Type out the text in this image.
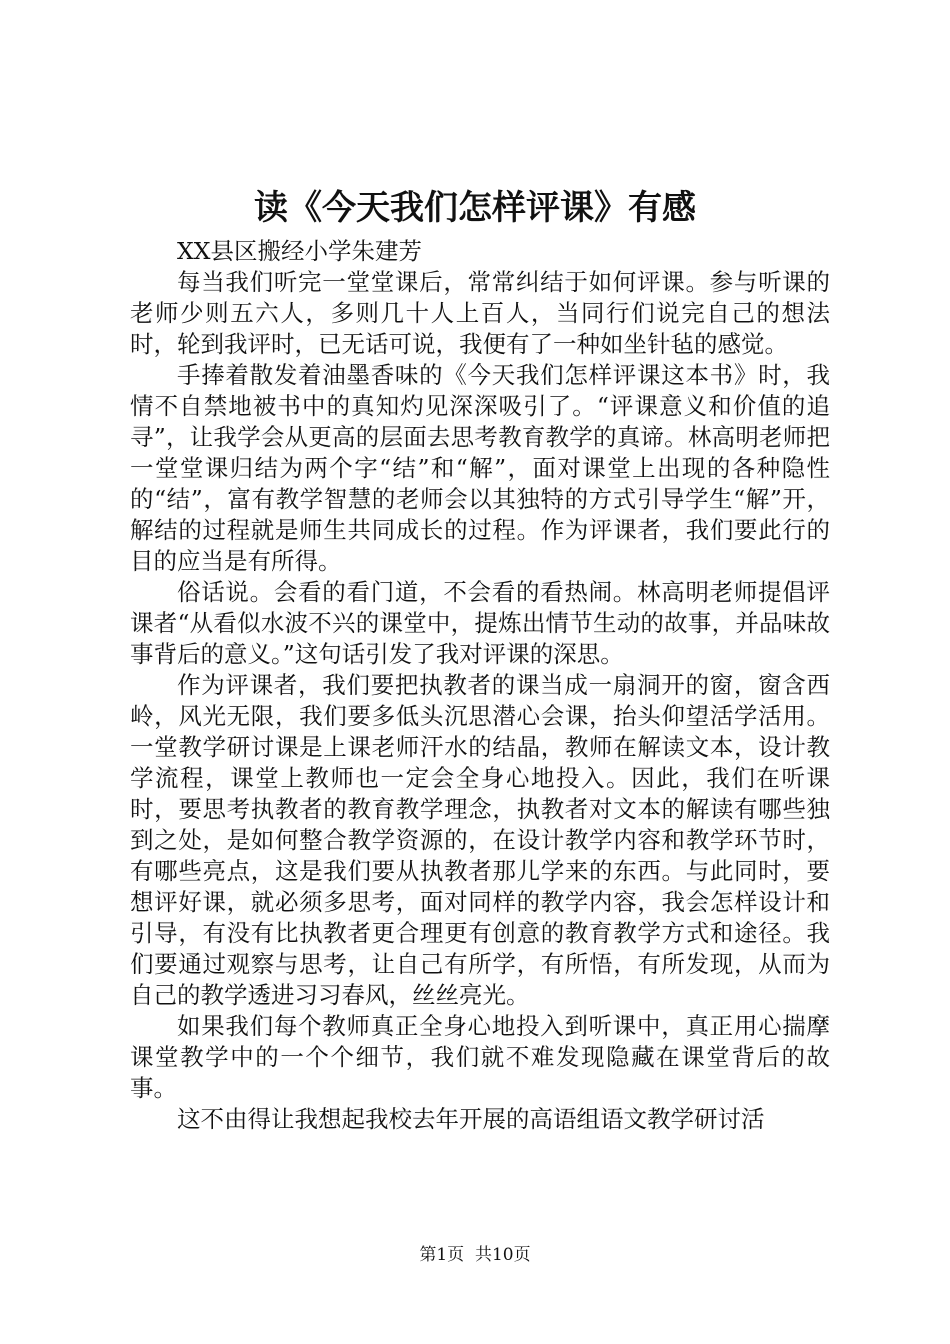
读《今天我们怎样评课》有感

XX县区搬经小学朱建芳

每当我们听完一堂堂课后，常常纠结于如何评课。参与听课的老师少则五六人，多则几十人上百人，当同行们说完自己的想法时，轮到我评时，已无话可说，我便有了一种如坐针毡的感觉。

手捧着散发着油墨香味的《今天我们怎样评课这本书》时，我情不自禁地被书中的真知灼见深深吸引了。“评课意义和价值的追寻”，让我学会从更高的层面去思考教育教学的真谛。林高明老师把一堂堂课归结为两个字“结”和“解”，面对课堂上出现的各种隐性的“结”，富有教学智慧的老师会以其独特的方式引导学生“解”开，解结的过程就是师生共同成长的过程。作为评课者，我们要此行的目的应当是有所得。

俗话说。会看的看门道，不会看的看热闹。林高明老师提倡评课者“从看似水波不兴的课堂中，提炼出情节生动的故事，并品味故事背后的意义。”这句话引发了我对评课的深思。

作为评课者，我们要把执教者的课当成一扇洞开的窗，窗含西岭，风光无限，我们要多低头沉思潜心会课，抬头仰望活学活用。一堂教学研讨课是上课老师汗水的结晶，教师在解读文本，设计教学流程，课堂上教师也一定会全身心地投入。因此，我们在听课时，要思考执教者的教育教学理念，执教者对文本的解读有哪些独到之处，是如何整合教学资源的，在设计教学内容和教学环节时，有哪些亮点，这是我们要从执教者那儿学来的东西。与此同时，要想评好课，就必须多思考，面对同样的教学内容，我会怎样设计和引导，有没有比执教者更合理更有创意的教育教学方式和途径。我们要通过观察与思考，让自己有所学，有所悟，有所发现，从而为自己的教学透进习习春风，丝丝亮光。

如果我们每个教师真正全身心地投入到听课中，真正用心揣摩课堂教学中的一个个细节，我们就不难发现隐藏在课堂背后的故事。

这不由得让我想起我校去年开展的高语组语文教学研讨活

第1页  共10页
